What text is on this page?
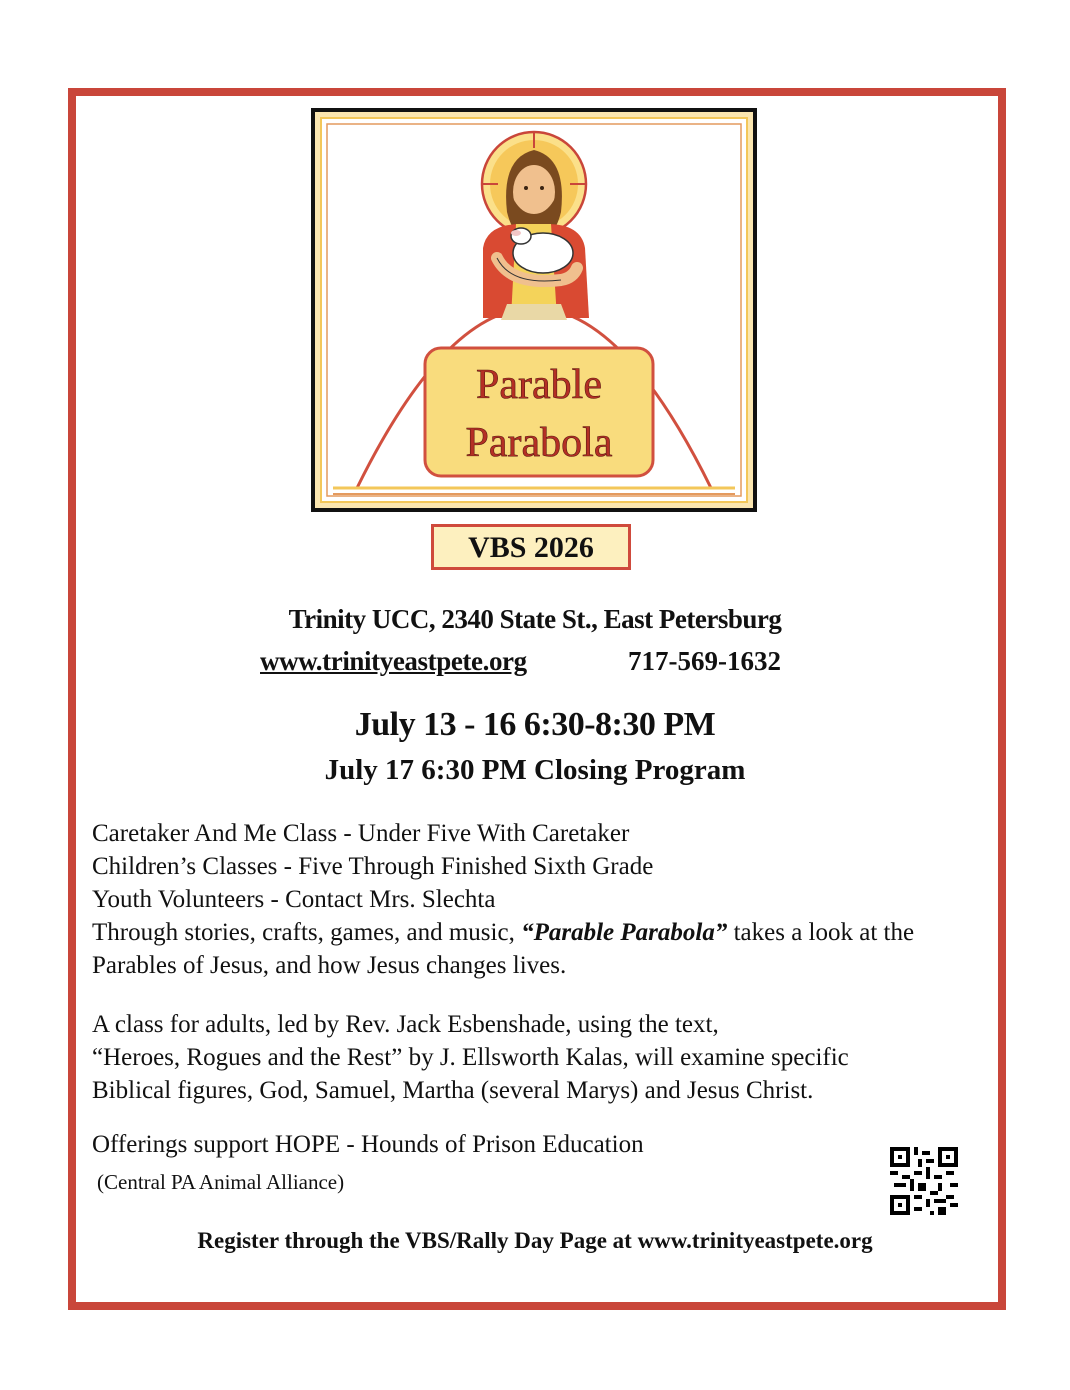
Parable
Parabola
VBS 2026
Trinity UCC, 2340 State St., East Petersburg
www.trinityeastpete.org	717-569-1632
July 13 - 16 6:30-8:30 PM
July 17 6:30 PM Closing Program
Caretaker And Me Class - Under Five With Caretaker
Children’s Classes - Five Through Finished Sixth Grade
Youth Volunteers - Contact Mrs. Slechta
Through stories, crafts, games, and music, “Parable Parabola” takes a look at the Parables of Jesus, and how Jesus changes lives.
A class for adults, led by Rev. Jack Esbenshade, using the text,
“Heroes, Rogues and the Rest” by J. Ellsworth Kalas, will examine specific
Biblical figures, God, Samuel, Martha (several Marys) and Jesus Christ.
Offerings support HOPE - Hounds of Prison Education
(Central PA Animal Alliance)
Register through the VBS/Rally Day Page at www.trinityeastpete.org
